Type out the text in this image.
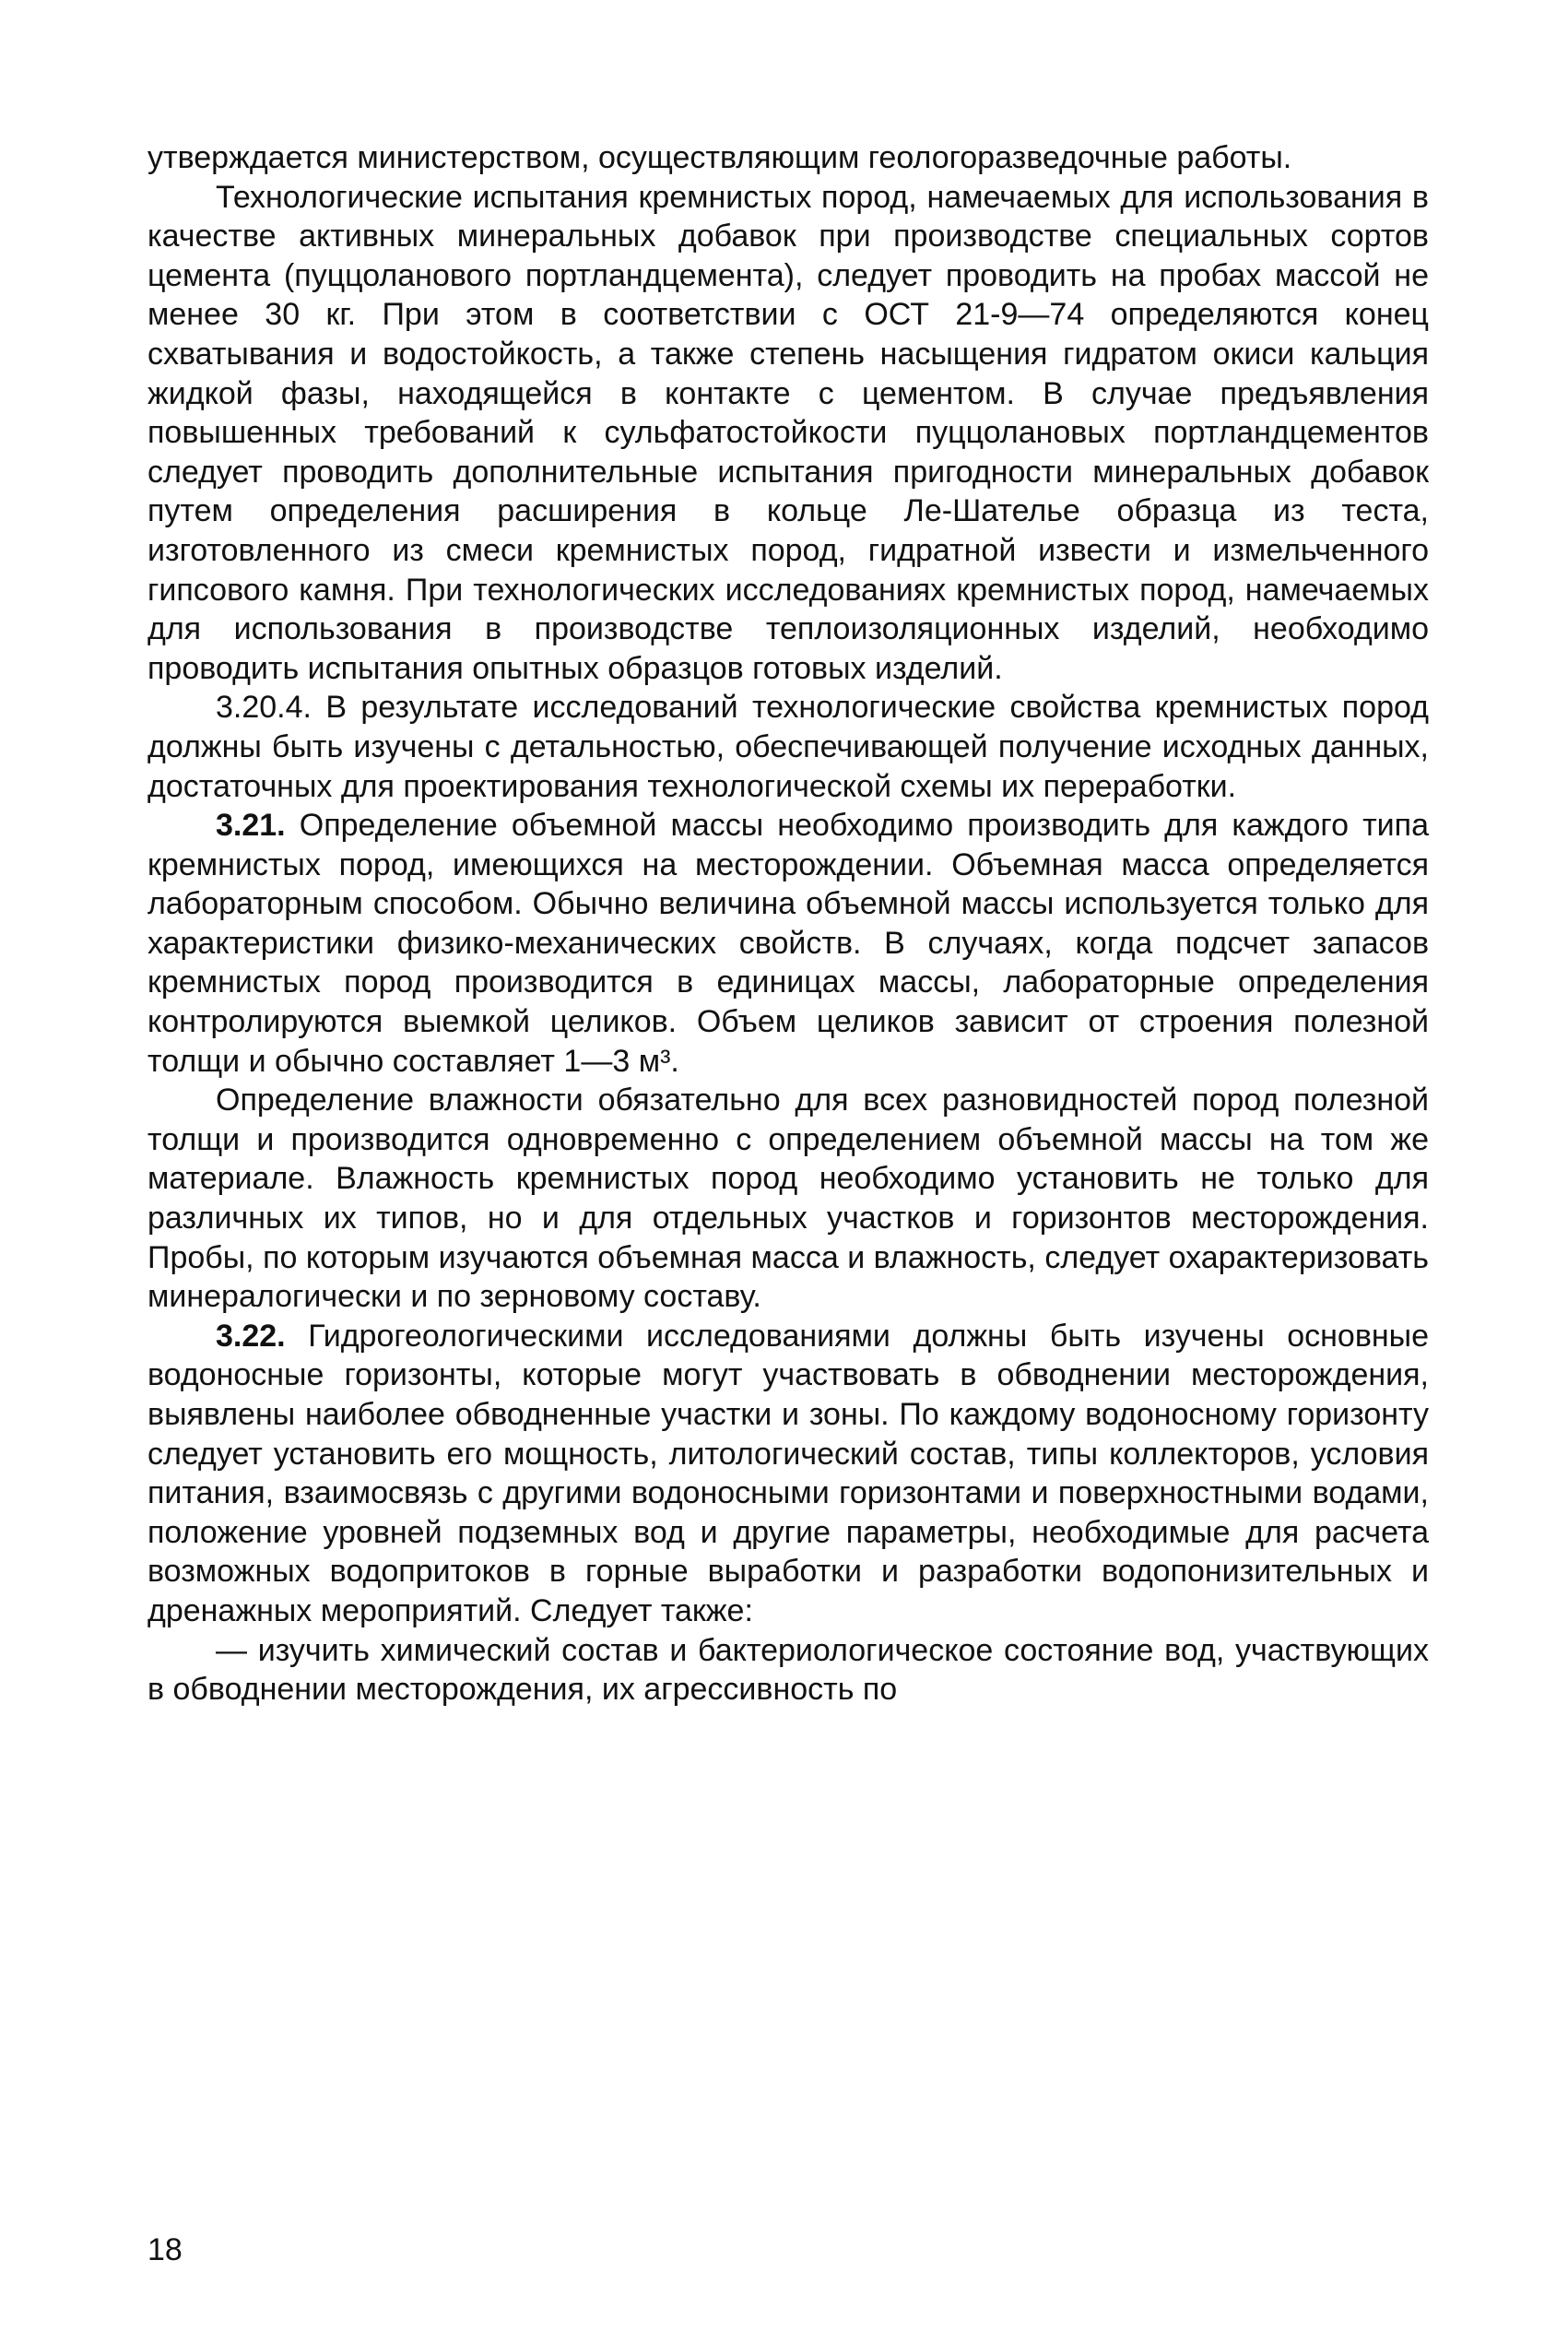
утверждается министерством, осуществляющим геологоразведочные работы.

Технологические испытания кремнистых пород, намечаемых для использования в качестве активных минеральных добавок при производстве специальных сортов цемента (пуццоланового портландцемента), следует проводить на пробах массой не менее 30 кг. При этом в соответствии с ОСТ 21-9—74 определяются конец схватывания и водостойкость, а также степень насыщения гидратом окиси кальция жидкой фазы, находящейся в контакте с цементом. В случае предъявления повышенных требований к сульфатостойкости пуццолановых портландцементов следует проводить дополнительные испытания пригодности минеральных добавок путем определения расширения в кольце Ле-Шателье образца из теста, изготовленного из смеси кремнистых пород, гидратной извести и измельченного гипсового камня. При технологических исследованиях кремнистых пород, намечаемых для использования в производстве теплоизоляционных изделий, необходимо проводить испытания опытных образцов готовых изделий.

3.20.4. В результате исследований технологические свойства кремнистых пород должны быть изучены с детальностью, обеспечивающей получение исходных данных, достаточных для проектирования технологической схемы их переработки.

3.21. Определение объемной массы необходимо производить для каждого типа кремнистых пород, имеющихся на месторождении. Объемная масса определяется лабораторным способом. Обычно величина объемной массы используется только для характеристики физико-механических свойств. В случаях, когда подсчет запасов кремнистых пород производится в единицах массы, лабораторные определения контролируются выемкой целиков. Объем целиков зависит от строения полезной толщи и обычно составляет 1—3 м³.

Определение влажности обязательно для всех разновидностей пород полезной толщи и производится одновременно с определением объемной массы на том же материале. Влажность кремнистых пород необходимо установить не только для различных их типов, но и для отдельных участков и горизонтов месторождения. Пробы, по которым изучаются объемная масса и влажность, следует охарактеризовать минералогически и по зерновому составу.

3.22. Гидрогеологическими исследованиями должны быть изучены основные водоносные горизонты, которые могут участвовать в обводнении месторождения, выявлены наиболее обводненные участки и зоны. По каждому водоносному горизонту следует установить его мощность, литологический состав, типы коллекторов, условия питания, взаимосвязь с другими водоносными горизонтами и поверхностными водами, положение уровней подземных вод и другие параметры, необходимые для расчета возможных водопритоков в горные выработки и разработки водопонизительных и дренажных мероприятий. Следует также:

— изучить химический состав и бактериологическое состояние вод, участвующих в обводнении месторождения, их агрессивность по

18
